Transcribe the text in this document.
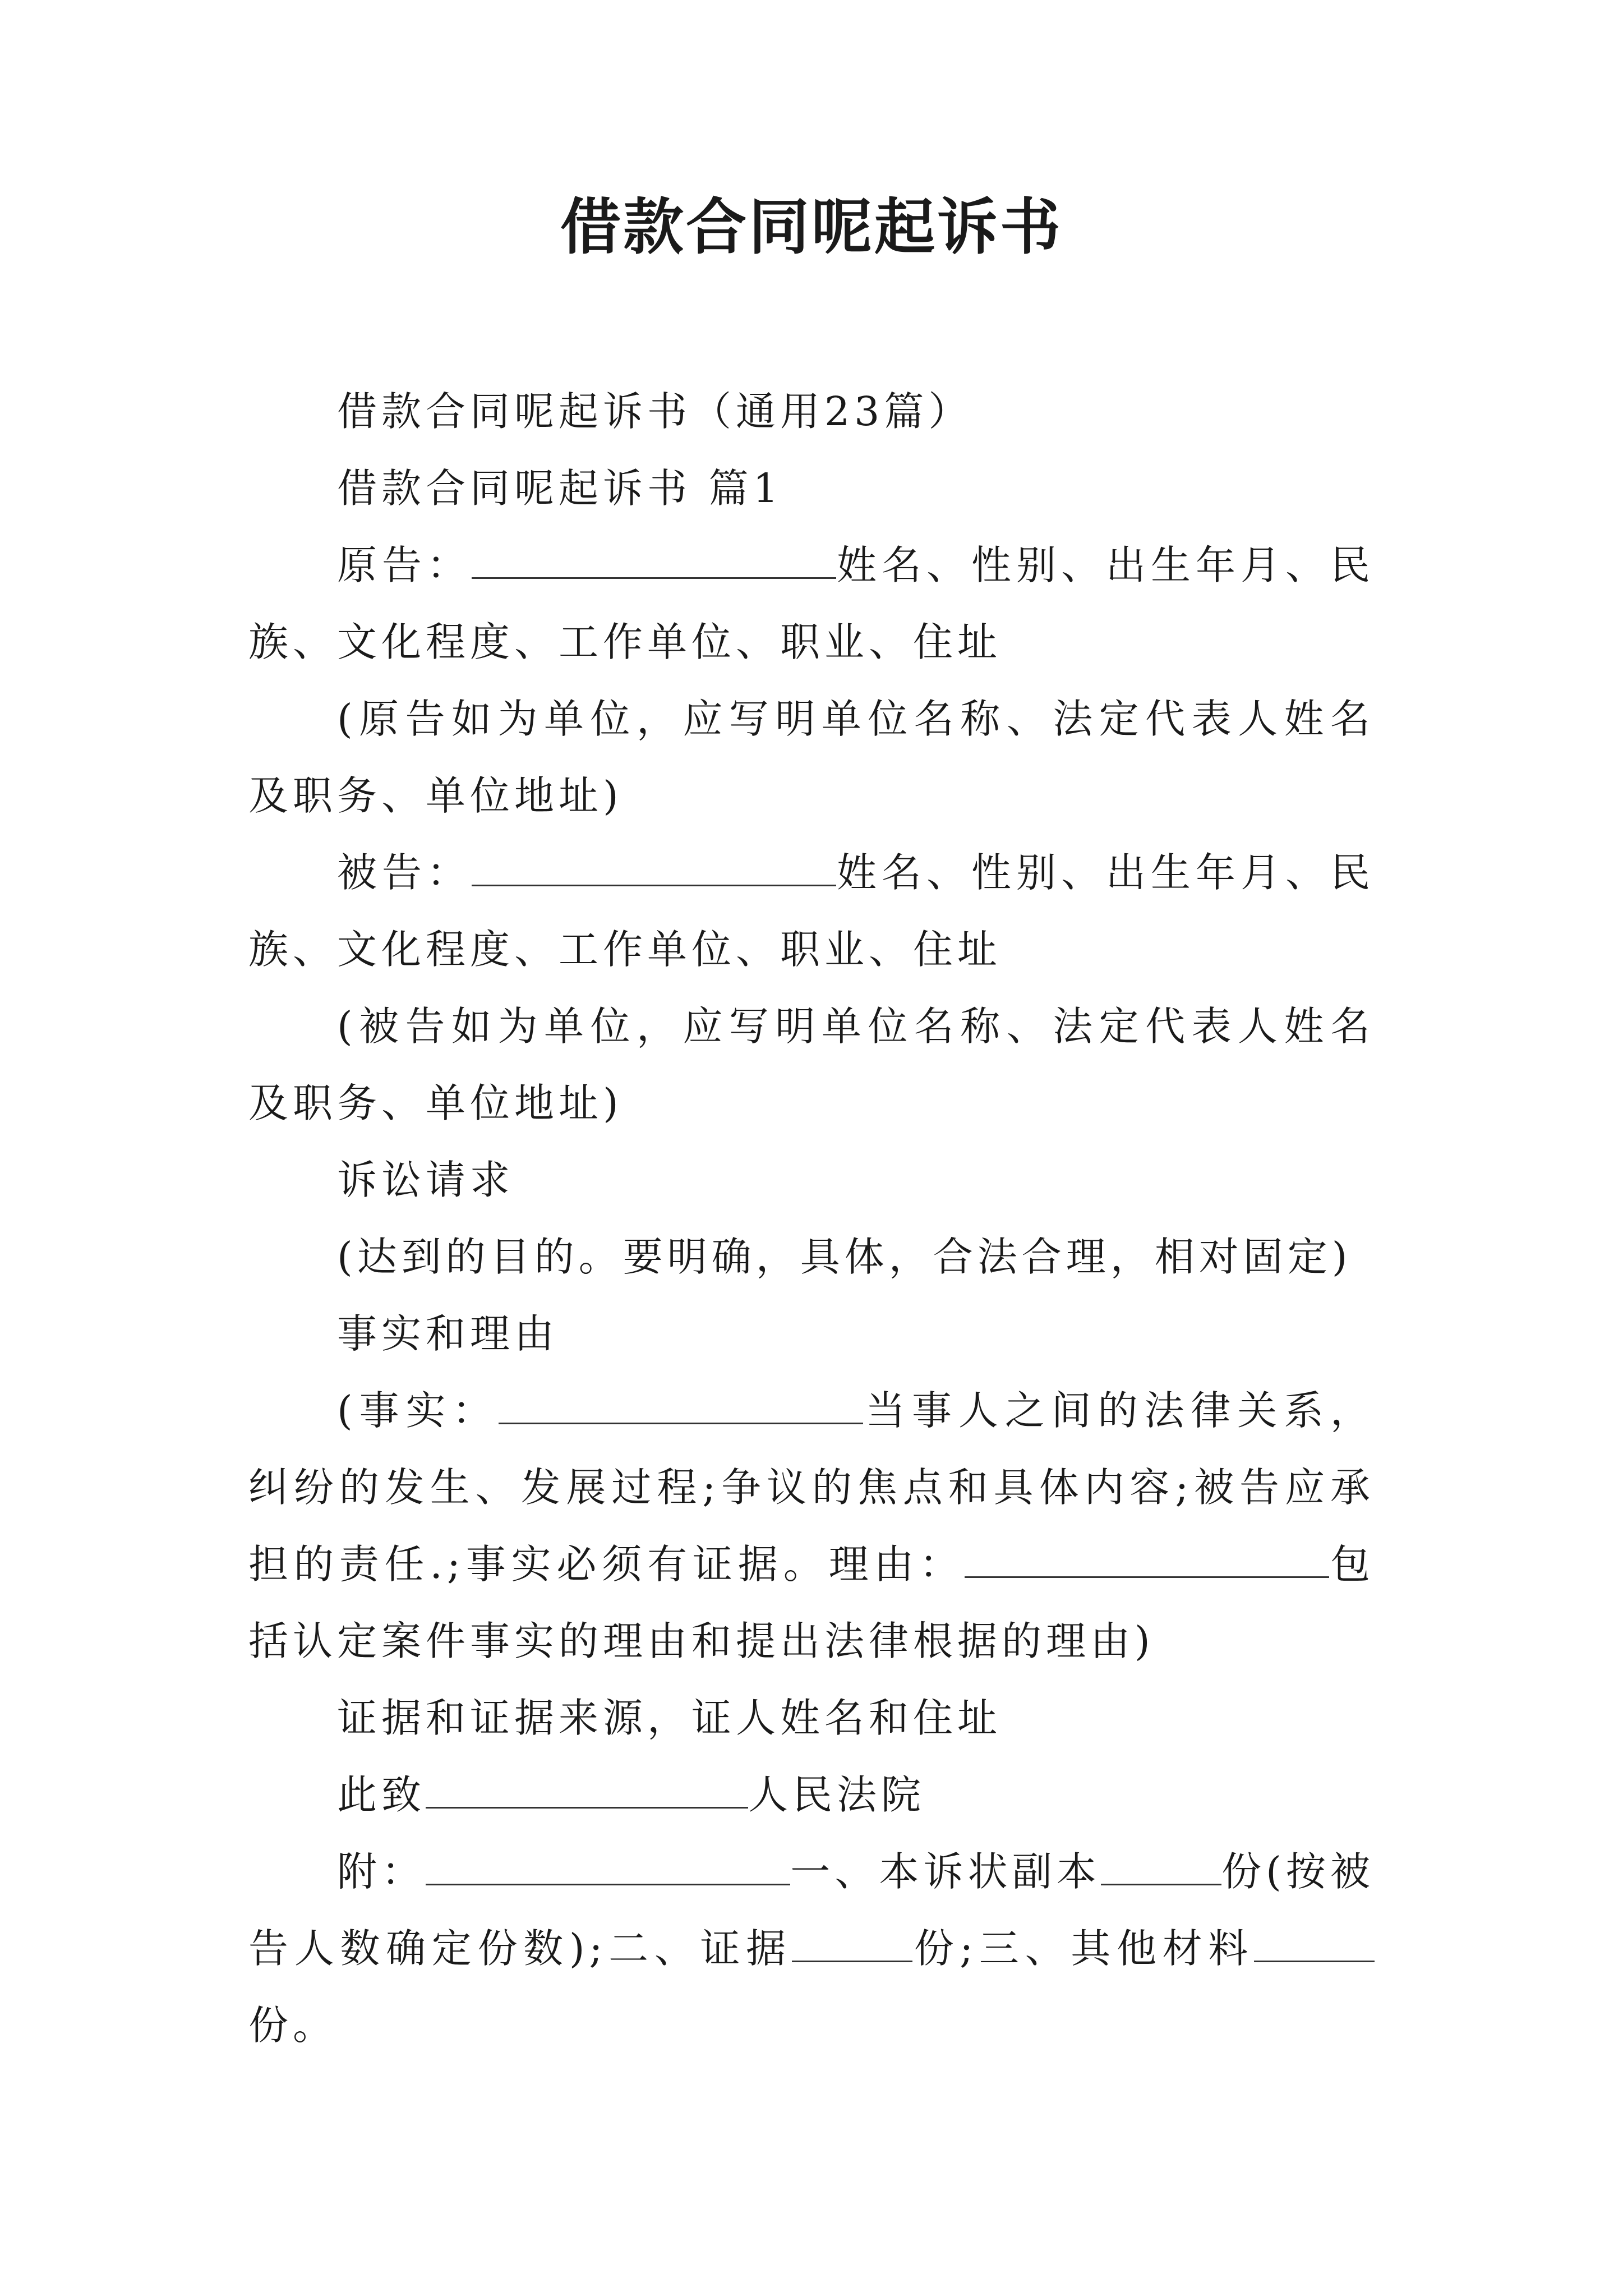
借款合同呢起诉书

借款合同呢起诉书（通用23篇）

借款合同呢起诉书 篇1

原告：	姓名、性别、出生年月、民族、文化程度、工作单位、职业、住址

(原告如为单位，应写明单位名称、法定代表人姓名及职务、单位地址)

被告：	姓名、性别、出生年月、民族、文化程度、工作单位、职业、住址

(被告如为单位，应写明单位名称、法定代表人姓名及职务、单位地址)

诉讼请求

(达到的目的。要明确，具体，合法合理，相对固定)

事实和理由

(事实：	当事人之间的法律关系，纠纷的发生、发展过程;争议的焦点和具体内容;被告应承担的责任.;事实必须有证据。理由：	包括认定案件事实的理由和提出法律根据的理由)

证据和证据来源，证人姓名和住址

此致	人民法院

附：	一、本诉状副本	份(按被告人数确定份数);二、证据	份;三、其他材料份。
